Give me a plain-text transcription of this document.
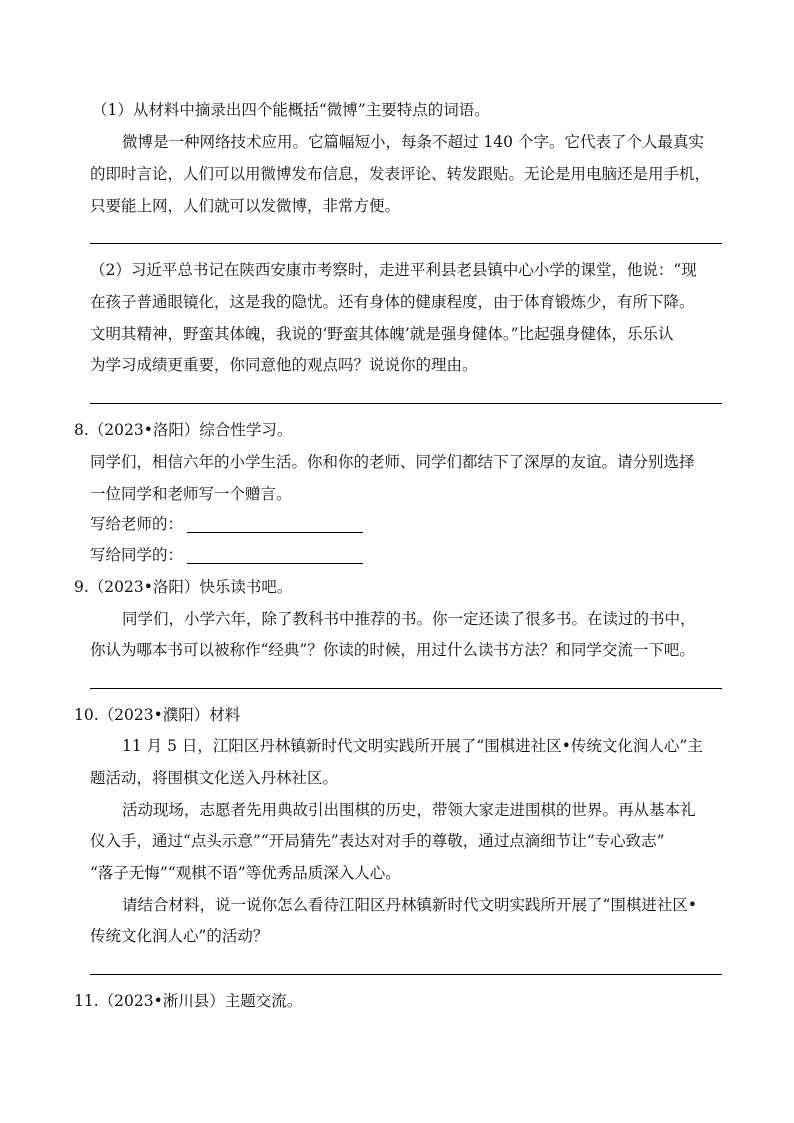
（1）从材料中摘录出四个能概括“微博”主要特点的词语。
微博是一种网络技术应用。它篇幅短小，每条不超过 140 个字。它代表了个人最真实
的即时言论，人们可以用微博发布信息，发表评论、转发跟贴。无论是用电脑还是用手机，
只要能上网，人们就可以发微博，非常方便。
（2）习近平总书记在陕西安康市考察时，走进平利县老县镇中心小学的课堂，他说：“现
在孩子普通眼镜化，这是我的隐忧。还有身体的健康程度，由于体育锻炼少，有所下降。
文明其精神，野蛮其体魄，我说的‘野蛮其体魄’就是强身健体。”比起强身健体，乐乐认
为学习成绩更重要，你同意他的观点吗？说说你的理由。
8.（2023•洛阳）综合性学习。
同学们，相信六年的小学生活。你和你的老师、同学们都结下了深厚的友谊。请分别选择
一位同学和老师写一个赠言。
写给老师的：
写给同学的：
9.（2023•洛阳）快乐读书吧。
同学们，小学六年，除了教科书中推荐的书。你一定还读了很多书。在读过的书中，
你认为哪本书可以被称作“经典”？你读的时候，用过什么读书方法？和同学交流一下吧。
10.（2023•濮阳）材料
11 月 5 日，江阳区丹林镇新时代文明实践所开展了“围棋进社区•传统文化润人心”主
题活动，将围棋文化送入丹林社区。
活动现场，志愿者先用典故引出围棋的历史，带领大家走进围棋的世界。再从基本礼
仪入手，通过“点头示意”“开局猜先”表达对对手的尊敬，通过点滴细节让“专心致志”
“落子无悔”“观棋不语”等优秀品质深入人心。
请结合材料，说一说你怎么看待江阳区丹林镇新时代文明实践所开展了“围棋进社区•
传统文化润人心”的活动？
11.（2023•淅川县）主题交流。
